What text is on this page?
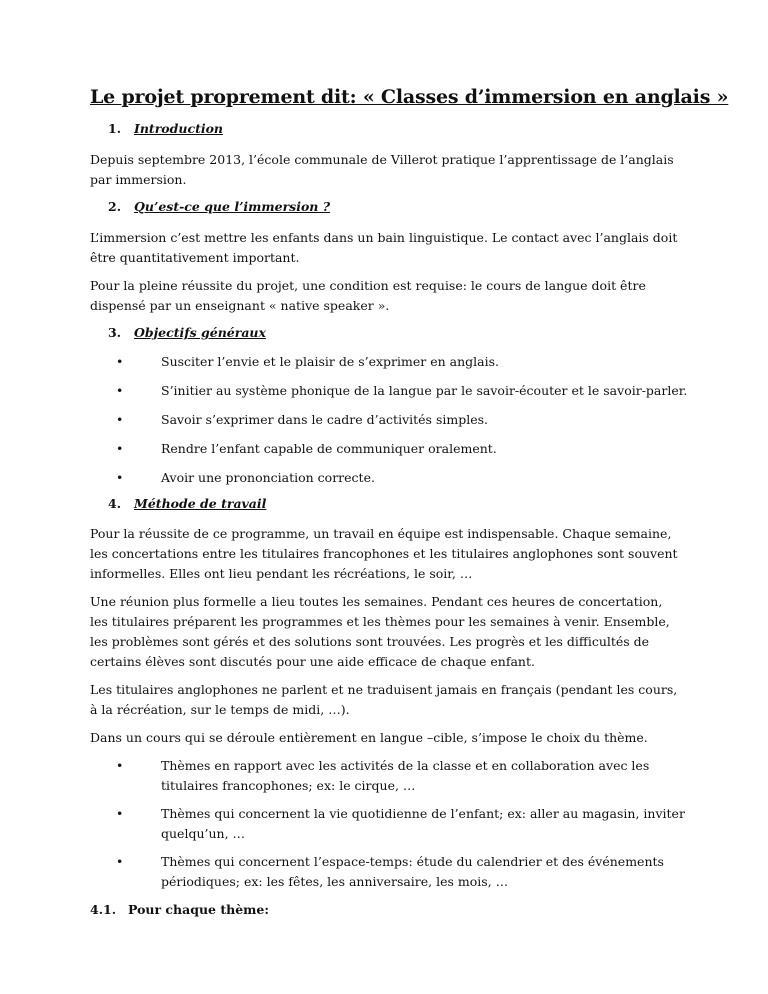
Le projet proprement dit: « Classes d’immersion en anglais »
1. Introduction
Depuis septembre 2013, l’école communale de Villerot pratique l’apprentissage de l’anglais par immersion.
2. Qu’est-ce que l’immersion ?
L’immersion c’est mettre les enfants dans un bain linguistique. Le contact avec l’anglais doit être quantitativement important.
Pour la pleine réussite du projet, une condition est requise: le cours de langue doit être dispensé par un enseignant « native speaker ».
3. Objectifs généraux
•	Susciter l’envie et le plaisir de s’exprimer en anglais.
•	S’initier au système phonique de la langue par le savoir-écouter et le savoir-parler.
•	Savoir s’exprimer dans le cadre d’activités simples.
•	Rendre l’enfant capable de communiquer oralement.
•	Avoir une prononciation correcte.
4. Méthode de travail
Pour la réussite de ce programme, un travail en équipe est indispensable. Chaque semaine, les concertations entre les titulaires francophones et les titulaires anglophones sont souvent informelles. Elles ont lieu pendant les récréations, le soir, …
Une réunion plus formelle a lieu toutes les semaines. Pendant ces heures de concertation, les titulaires préparent les programmes et les thèmes pour les semaines à venir. Ensemble, les problèmes sont gérés et des solutions sont trouvées. Les progrès et les difficultés de certains élèves sont discutés pour une aide efficace de chaque enfant.
Les titulaires anglophones ne parlent et ne traduisent jamais en français (pendant les cours, à la récréation, sur le temps de midi, …).
Dans un cours qui se déroule entièrement en langue –cible, s’impose le choix du thème.
•	Thèmes en rapport avec les activités de la classe et en collaboration avec les titulaires francophones; ex: le cirque, …
•	Thèmes qui concernent la vie quotidienne de l’enfant; ex: aller au magasin, inviter quelqu’un, …
•	Thèmes qui concernent l’espace-temps: étude du calendrier et des événements périodiques; ex: les fêtes, les anniversaire, les mois, …
4.1. Pour chaque thème:
